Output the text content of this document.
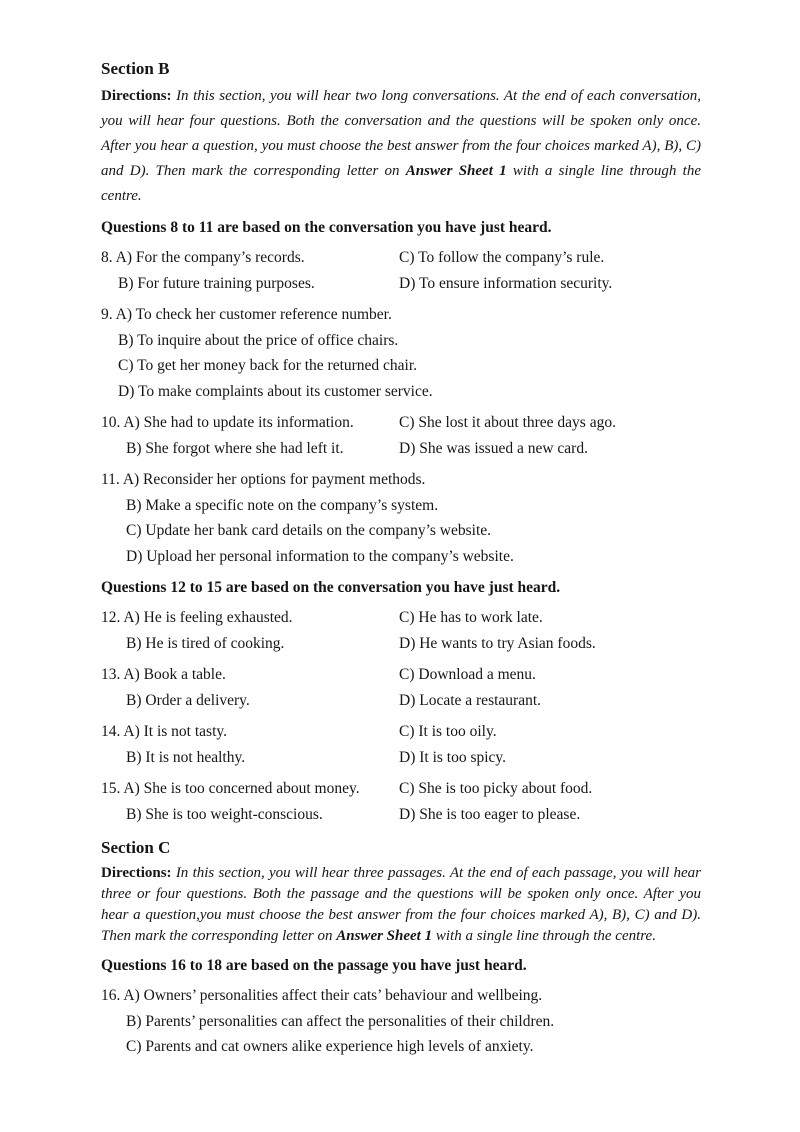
Section B

Directions: In this section, you will hear two long conversations. At the end of each conversation, you will hear four questions. Both the conversation and the questions will be spoken only once. After you hear a question, you must choose the best answer from the four choices marked A), B), C) and D). Then mark the corresponding letter on Answer Sheet 1 with a single line through the centre.

Questions 8 to 11 are based on the conversation you have just heard.
8. A) For the company’s records.	C) To follow the company’s rule.
B) For future training purposes.	D) To ensure information security.
9. A) To check her customer reference number.
B) To inquire about the price of office chairs.
C) To get her money back for the returned chair.
D) To make complaints about its customer service.
10. A) She had to update its information.	C) She lost it about three days ago.
B) She forgot where she had left it.	D) She was issued a new card.
11. A) Reconsider her options for payment methods.
B) Make a specific note on the company’s system.
C) Update her bank card details on the company’s website.
D) Upload her personal information to the company’s website.
Questions 12 to 15 are based on the conversation you have just heard.
12. A) He is feeling exhausted.	C) He has to work late.
B) He is tired of cooking.	D) He wants to try Asian foods.
13. A) Book a table.	C) Download a menu.
B) Order a delivery.	D) Locate a restaurant.
14. A) It is not tasty.	C) It is too oily.
B) It is not healthy.	D) It is too spicy.
15. A) She is too concerned about money.	C) She is too picky about food.
B) She is too weight-conscious.	D) She is too eager to please.
Section C

Directions: In this section, you will hear three passages. At the end of each passage, you will hear three or four questions. Both the passage and the questions will be spoken only once. After you hear a question,you must choose the best answer from the four choices marked A), B), C) and D). Then mark the corresponding letter on Answer Sheet 1 with a single line through the centre.

Questions 16 to 18 are based on the passage you have just heard.
16. A) Owners’ personalities affect their cats’ behaviour and wellbeing.
B) Parents’ personalities can affect the personalities of their children.
C) Parents and cat owners alike experience high levels of anxiety.
